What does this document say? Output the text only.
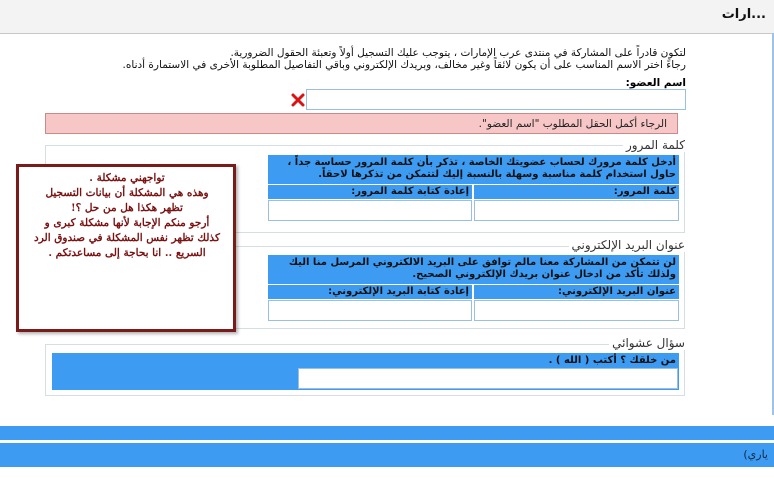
...ارات
لتكون قادراً على المشاركة في منتدى عرب الإمارات ، يتوجب عليك التسجيل أولاً وتعبئة الحقول الضرورية.
رجاءً اختر الاسم المناسب على أن يكون لائقاً وغير مخالف، وبريدك الإلكتروني وباقي التفاصيل المطلوبة الأخرى في الاستمارة أدناه.
اسم العضو:
الرجاء أكمل الحقل المطلوب "اسم العضو".
كلمة المرور
أدخل كلمة مرورك لحساب عضويتك الخاصة ، تذكر بأن كلمة المرور حساسة جداً ،
حاول استخدام كلمة مناسبة وسهلة بالنسبة إليك لتتمكن من تذكرها لاحقاً.
كلمة المرور:
إعادة كتابة كلمة المرور:
عنوان البريد الإلكتروني
لن تتمكن من المشاركة معنا مالم توافق على البريد الالكتروني المرسل منا اليك
ولذلك تأكد من ادخال عنوان بريدك الإلكتروني الصحيح.
عنوان البريد الإلكتروني:
إعادة كتابة البريد الإلكتروني:
سؤال عشوائي
من خلقك ؟ أكتب ( الله ) .
تواجهني مشكلة .
وهذه هي المشكلة أن بيانات التسجيل
تظهر هكذا هل من حل ؟!
أرجو منكم الإجابة لأنها مشكلة كبرى و
كذلك تظهر نفس المشكلة في صندوق الرد
السريع .. انا بحاجة إلى مساعدتكم .
ياري)
